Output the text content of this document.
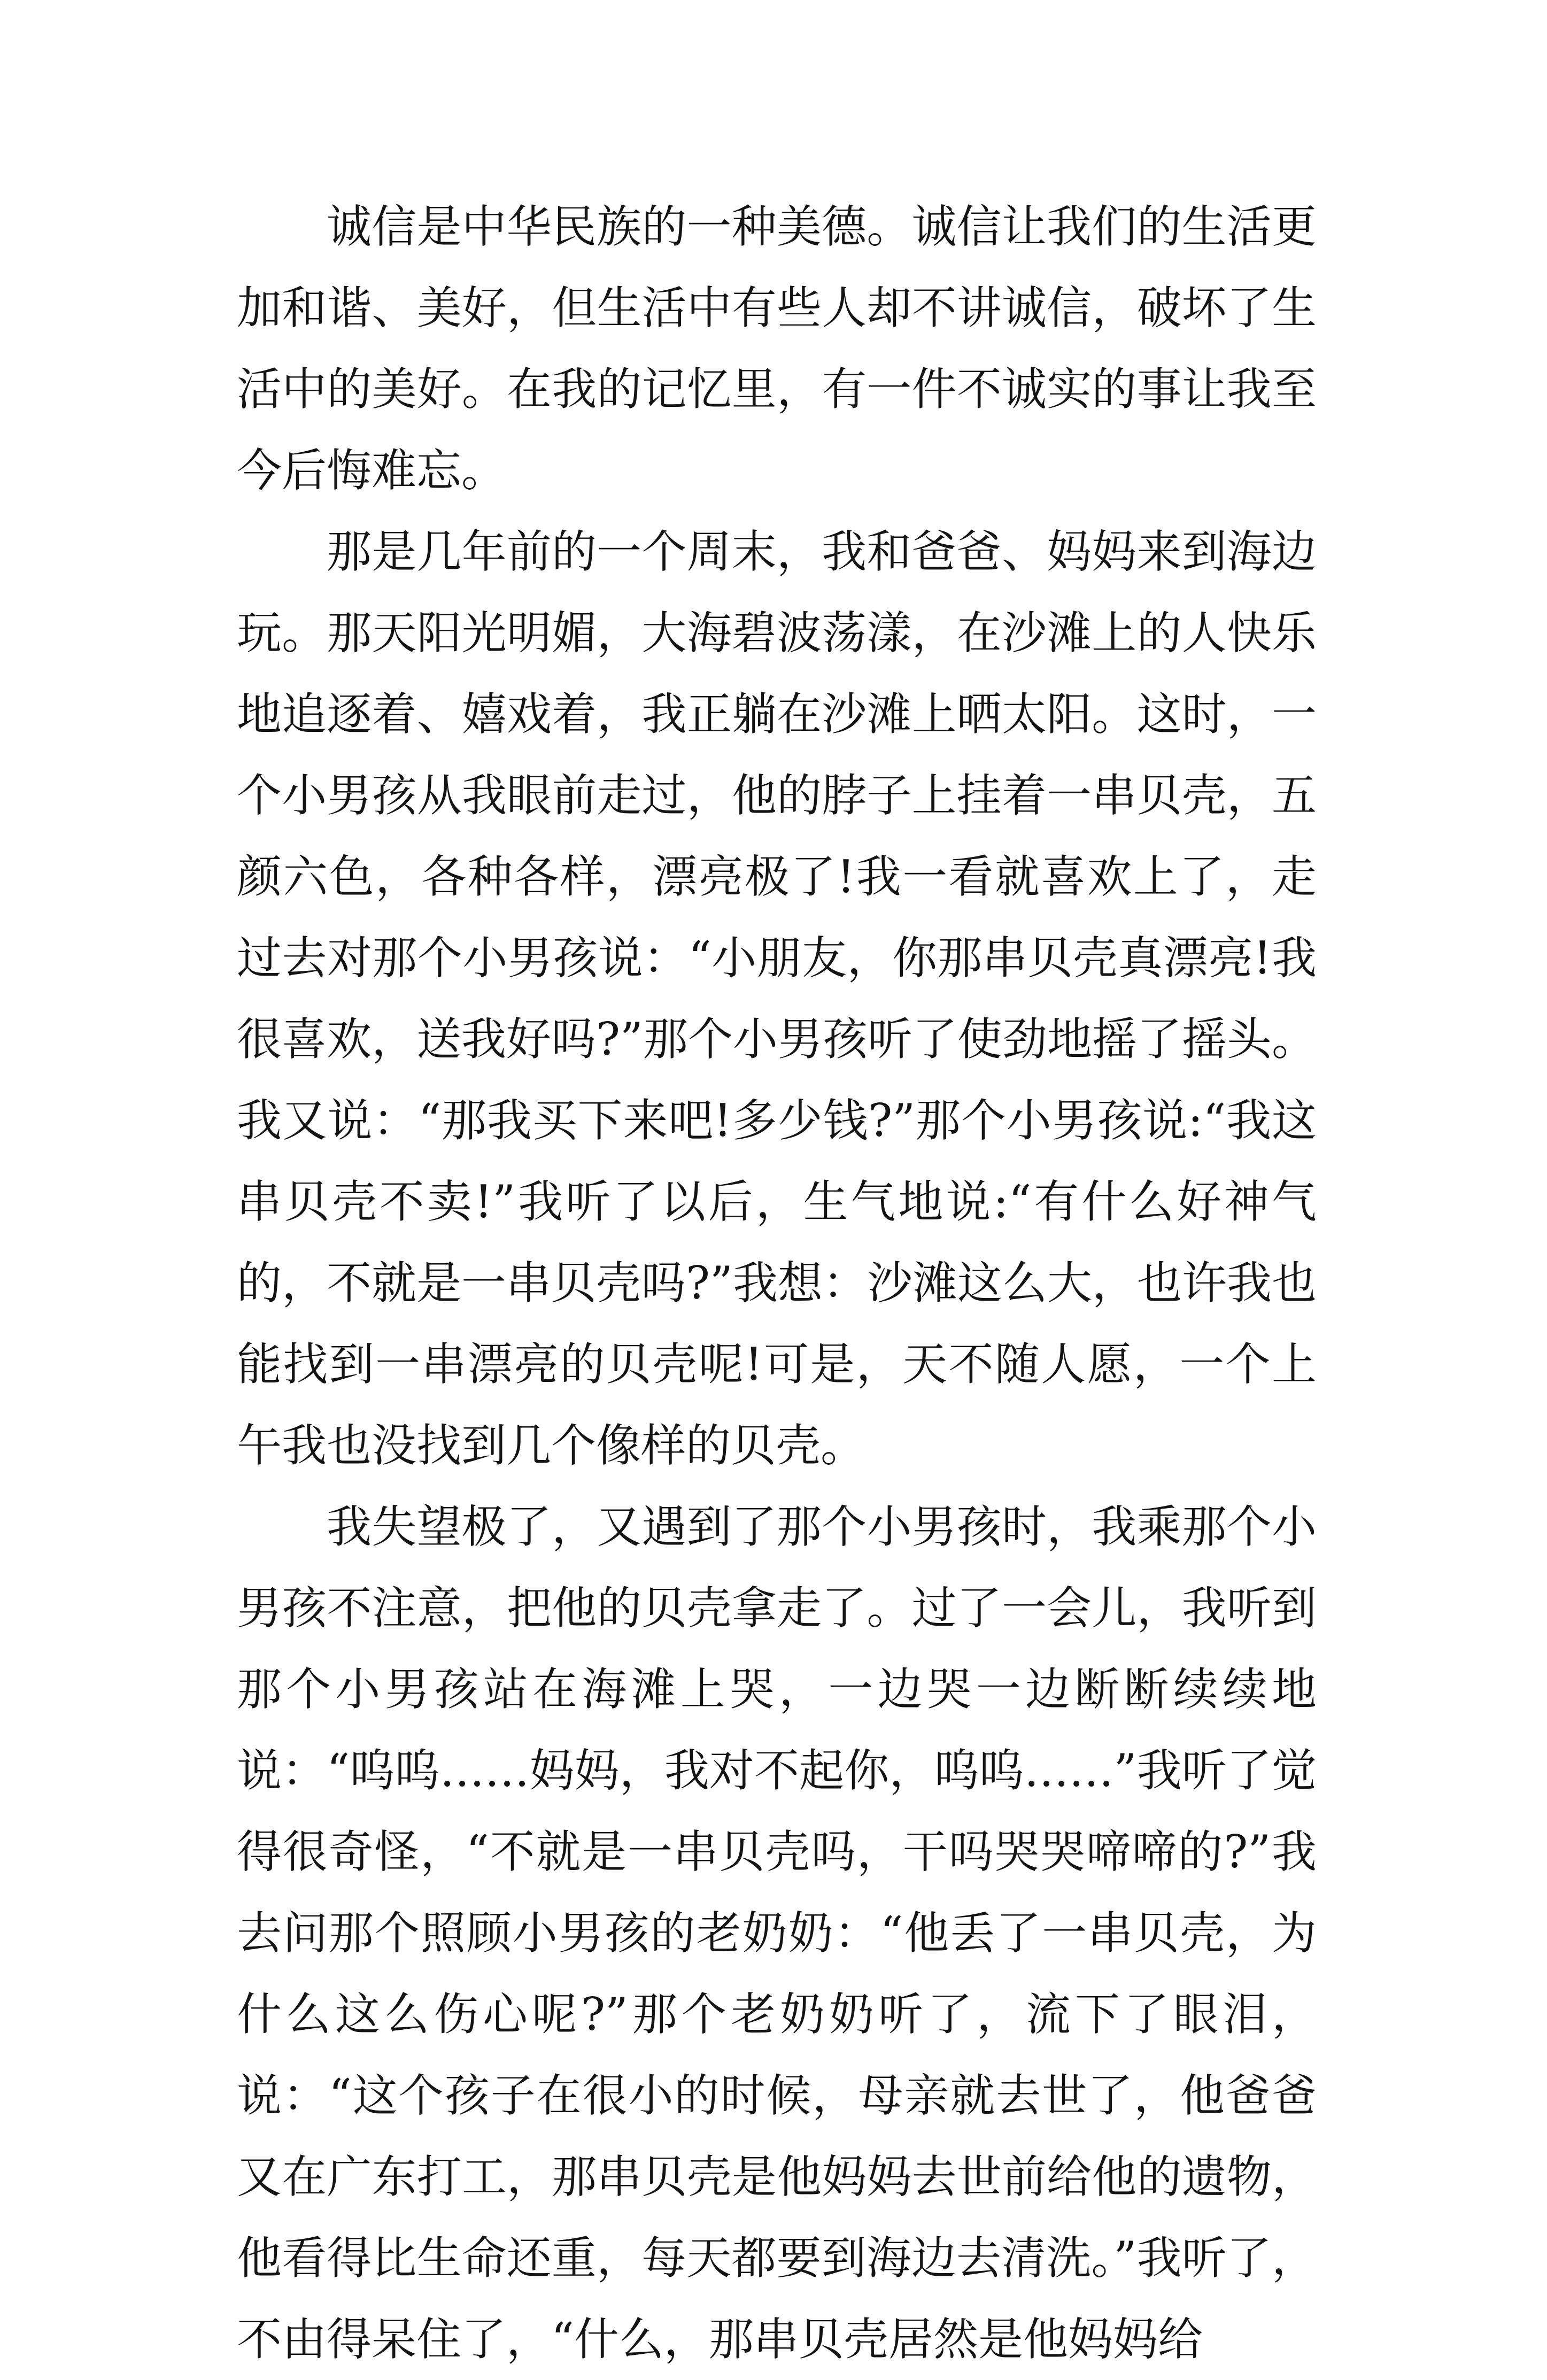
诚信是中华民族的一种美德。诚信让我们的生活更加和谐、美好，但生活中有些人却不讲诚信，破坏了生活中的美好。在我的记忆里，有一件不诚实的事让我至今后悔难忘。

那是几年前的一个周末，我和爸爸、妈妈来到海边玩。那天阳光明媚，大海碧波荡漾，在沙滩上的人快乐地追逐着、嬉戏着，我正躺在沙滩上晒太阳。这时，一个小男孩从我眼前走过，他的脖子上挂着一串贝壳，五颜六色，各种各样，漂亮极了!我一看就喜欢上了，走过去对那个小男孩说：“小朋友，你那串贝壳真漂亮!我很喜欢，送我好吗?”那个小男孩听了使劲地摇了摇头。我又说：“那我买下来吧!多少钱?”那个小男孩说:“我这串贝壳不卖!”我听了以后，生气地说:“有什么好神气的，不就是一串贝壳吗?”我想：沙滩这么大，也许我也能找到一串漂亮的贝壳呢!可是，天不随人愿，一个上午我也没找到几个像样的贝壳。

我失望极了，又遇到了那个小男孩时，我乘那个小男孩不注意，把他的贝壳拿走了。过了一会儿，我听到那个小男孩站在海滩上哭，一边哭一边断断续续地说：“呜呜……妈妈，我对不起你，呜呜……”我听了觉得很奇怪，“不就是一串贝壳吗，干吗哭哭啼啼的?”我去问那个照顾小男孩的老奶奶：“他丢了一串贝壳，为什么这么伤心呢?”那个老奶奶听了，流下了眼泪，说：“这个孩子在很小的时候，母亲就去世了，他爸爸又在广东打工，那串贝壳是他妈妈去世前给他的遗物，他看得比生命还重，每天都要到海边去清洗。”我听了，不由得呆住了，“什么，那串贝壳居然是他妈妈给
